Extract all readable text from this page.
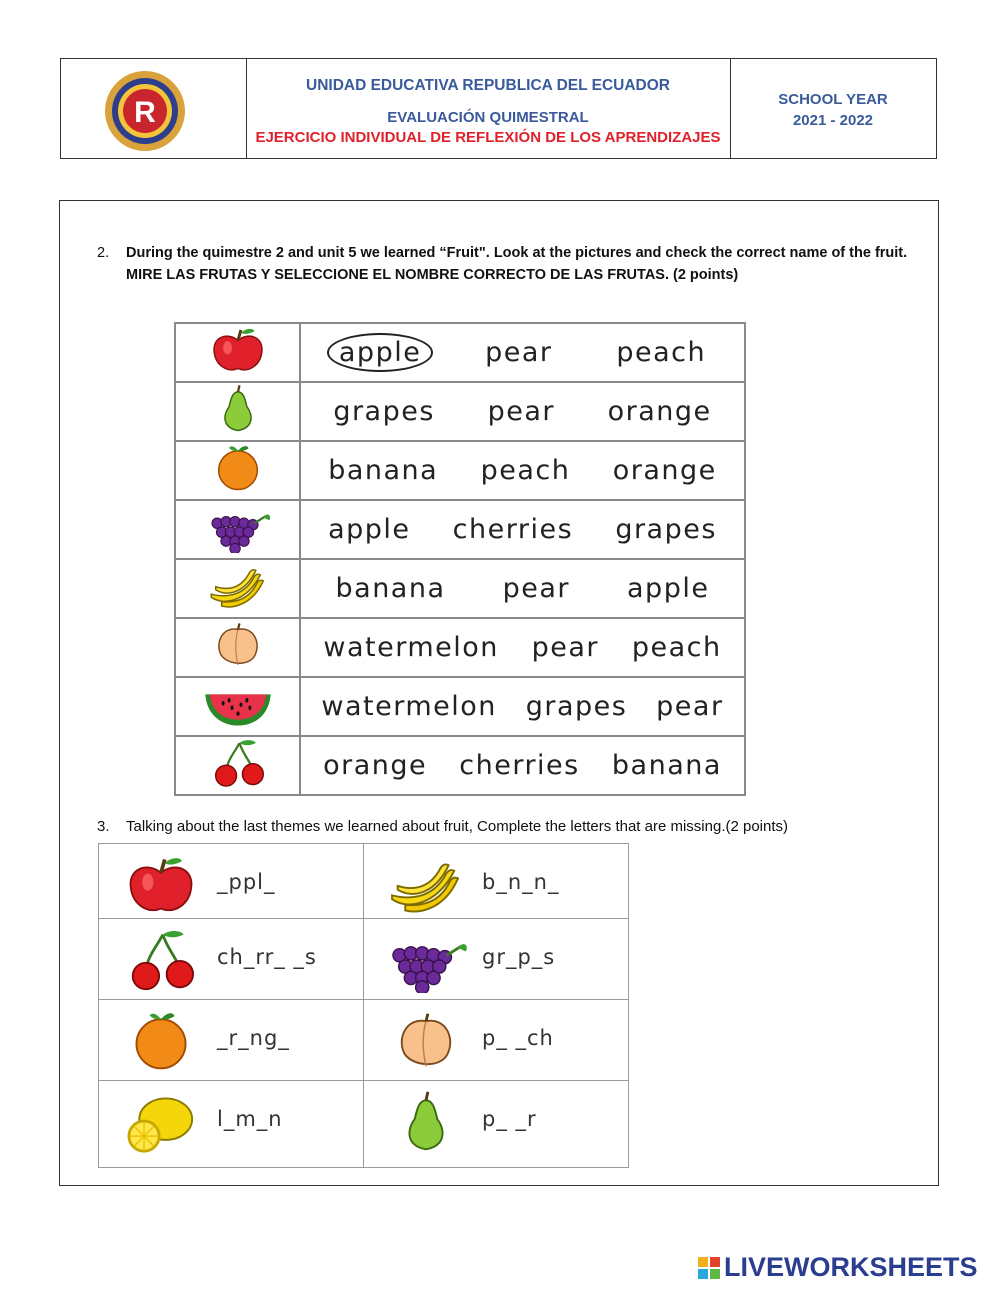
R
UNIDAD EDUCATIVA REPUBLICA DEL ECUADOR
EVALUACIÓN QUIMESTRAL
EJERCICIO INDIVIDUAL DE REFLEXIÓN DE LOS APRENDIZAJES
SCHOOL YEAR
2021 - 2022
2. During the quimestre 2 and unit 5 we learned “Fruit". Look at the pictures and check the correct name of the fruit. MIRE LAS FRUTAS Y SELECCIONE EL NOMBRE CORRECTO DE LAS FRUTAS. (2 points)

apple pear peach

grapes pear orange

banana peach orange

apple cherries grapes

banana pear apple

watermelon pear peach

watermelon grapes pear

orange cherries banana
3. Talking about the last themes we learned about fruit, Complete the letters that are missing.(2 points)
_ppl_	b_n_n_

ch_rr_ _s	gr_p_s

_r_ng_	p_ _ch

l_m_n	p_ _r
LIVEWORKSHEETS
